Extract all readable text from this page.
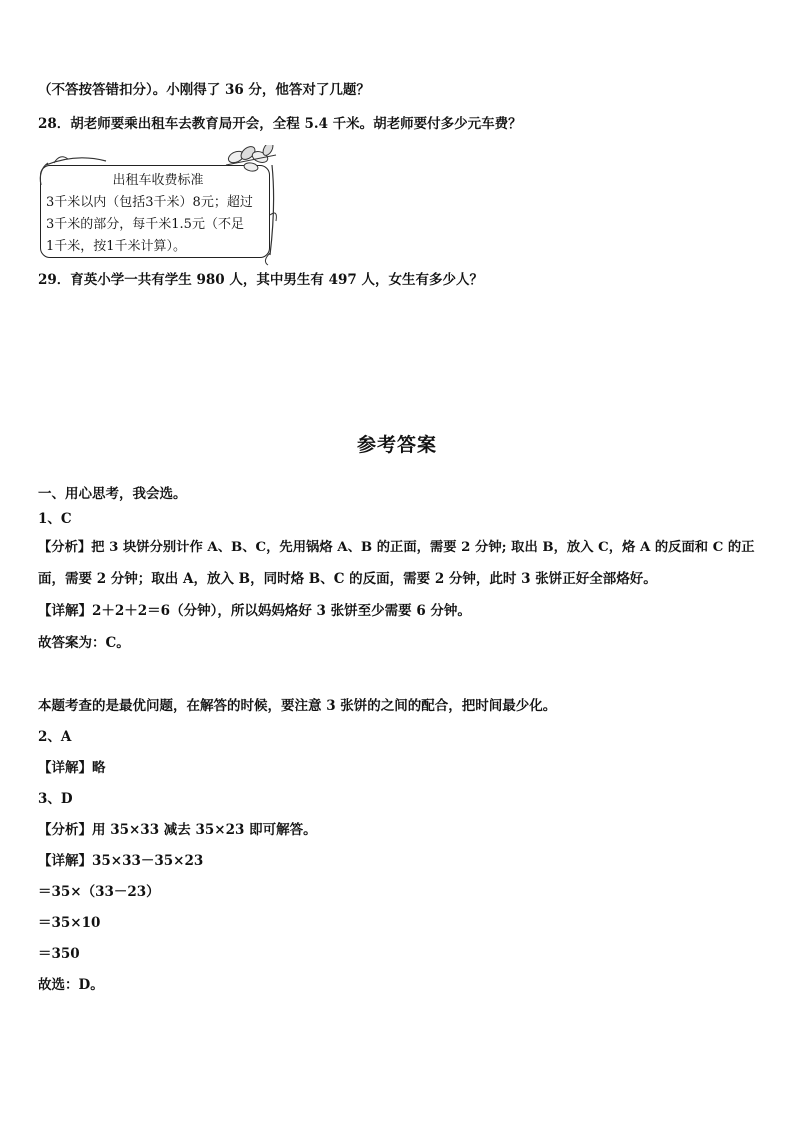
（不答按答错扣分）。小刚得了 36 分，他答对了几题？
28．胡老师要乘出租车去教育局开会，全程 5.4 千米。胡老师要付多少元车费？
出租车收费标准
3千米以内（包括3千米）8元；超过
3千米的部分，每千米1.5元（不足
1千米，按1千米计算）。
29．育英小学一共有学生 980 人，其中男生有 497 人，女生有多少人？
参考答案
一、用心思考，我会选。
1、C
【分析】把 3 块饼分别计作 A、B、C，先用锅烙 A、B 的正面，需要 2 分钟; 取出 B，放入 C，烙 A 的反面和 C 的正
面，需要 2 分钟；取出 A，放入 B，同时烙 B、C 的反面，需要 2 分钟，此时 3 张饼正好全部烙好。
【详解】2＋2＋2＝6（分钟），所以妈妈烙好 3 张饼至少需要 6 分钟。
故答案为：C。
本题考查的是最优问题，在解答的时候，要注意 3 张饼的之间的配合，把时间最少化。
2、A
【详解】略
3、D
【分析】用 35×33 减去 35×23 即可解答。
【详解】35×33－35×23
＝35×（33－23）
＝35×10
＝350
故选：D。
